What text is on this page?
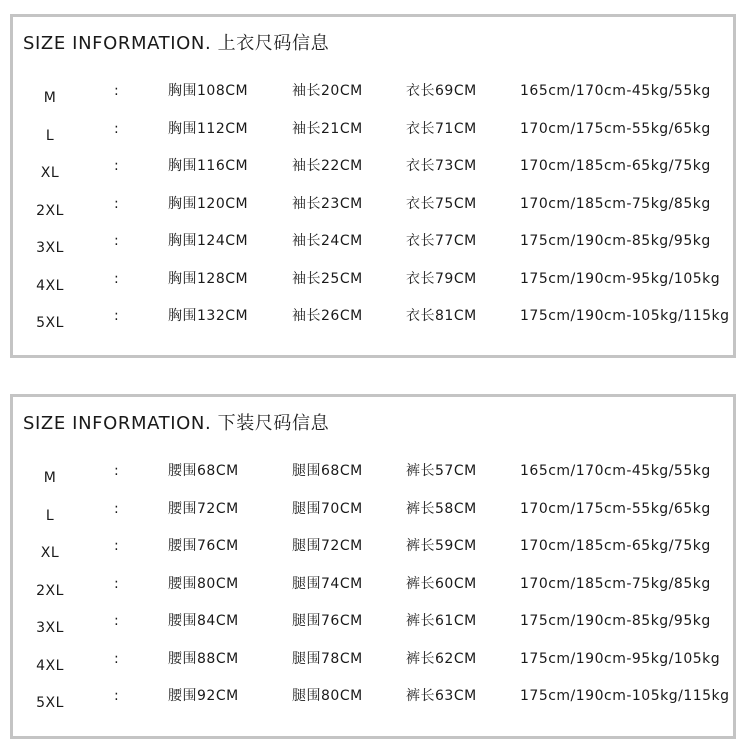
SIZE INFORMATION. 上衣尺码信息
M	:	胸围108CM	袖长20CM	衣长69CM	165cm/170cm-45kg/55kg
L	:	胸围112CM	袖长21CM	衣长71CM	170cm/175cm-55kg/65kg
XL	:	胸围116CM	袖长22CM	衣长73CM	170cm/185cm-65kg/75kg
2XL	:	胸围120CM	袖长23CM	衣长75CM	170cm/185cm-75kg/85kg
3XL	:	胸围124CM	袖长24CM	衣长77CM	175cm/190cm-85kg/95kg
4XL	:	胸围128CM	袖长25CM	衣长79CM	175cm/190cm-95kg/105kg
5XL	:	胸围132CM	袖长26CM	衣长81CM	175cm/190cm-105kg/115kg
SIZE INFORMATION. 下装尺码信息
M	:	腰围68CM	腿围68CM	裤长57CM	165cm/170cm-45kg/55kg
L	:	腰围72CM	腿围70CM	裤长58CM	170cm/175cm-55kg/65kg
XL	:	腰围76CM	腿围72CM	裤长59CM	170cm/185cm-65kg/75kg
2XL	:	腰围80CM	腿围74CM	裤长60CM	170cm/185cm-75kg/85kg
3XL	:	腰围84CM	腿围76CM	裤长61CM	175cm/190cm-85kg/95kg
4XL	:	腰围88CM	腿围78CM	裤长62CM	175cm/190cm-95kg/105kg
5XL	:	腰围92CM	腿围80CM	裤长63CM	175cm/190cm-105kg/115kg
